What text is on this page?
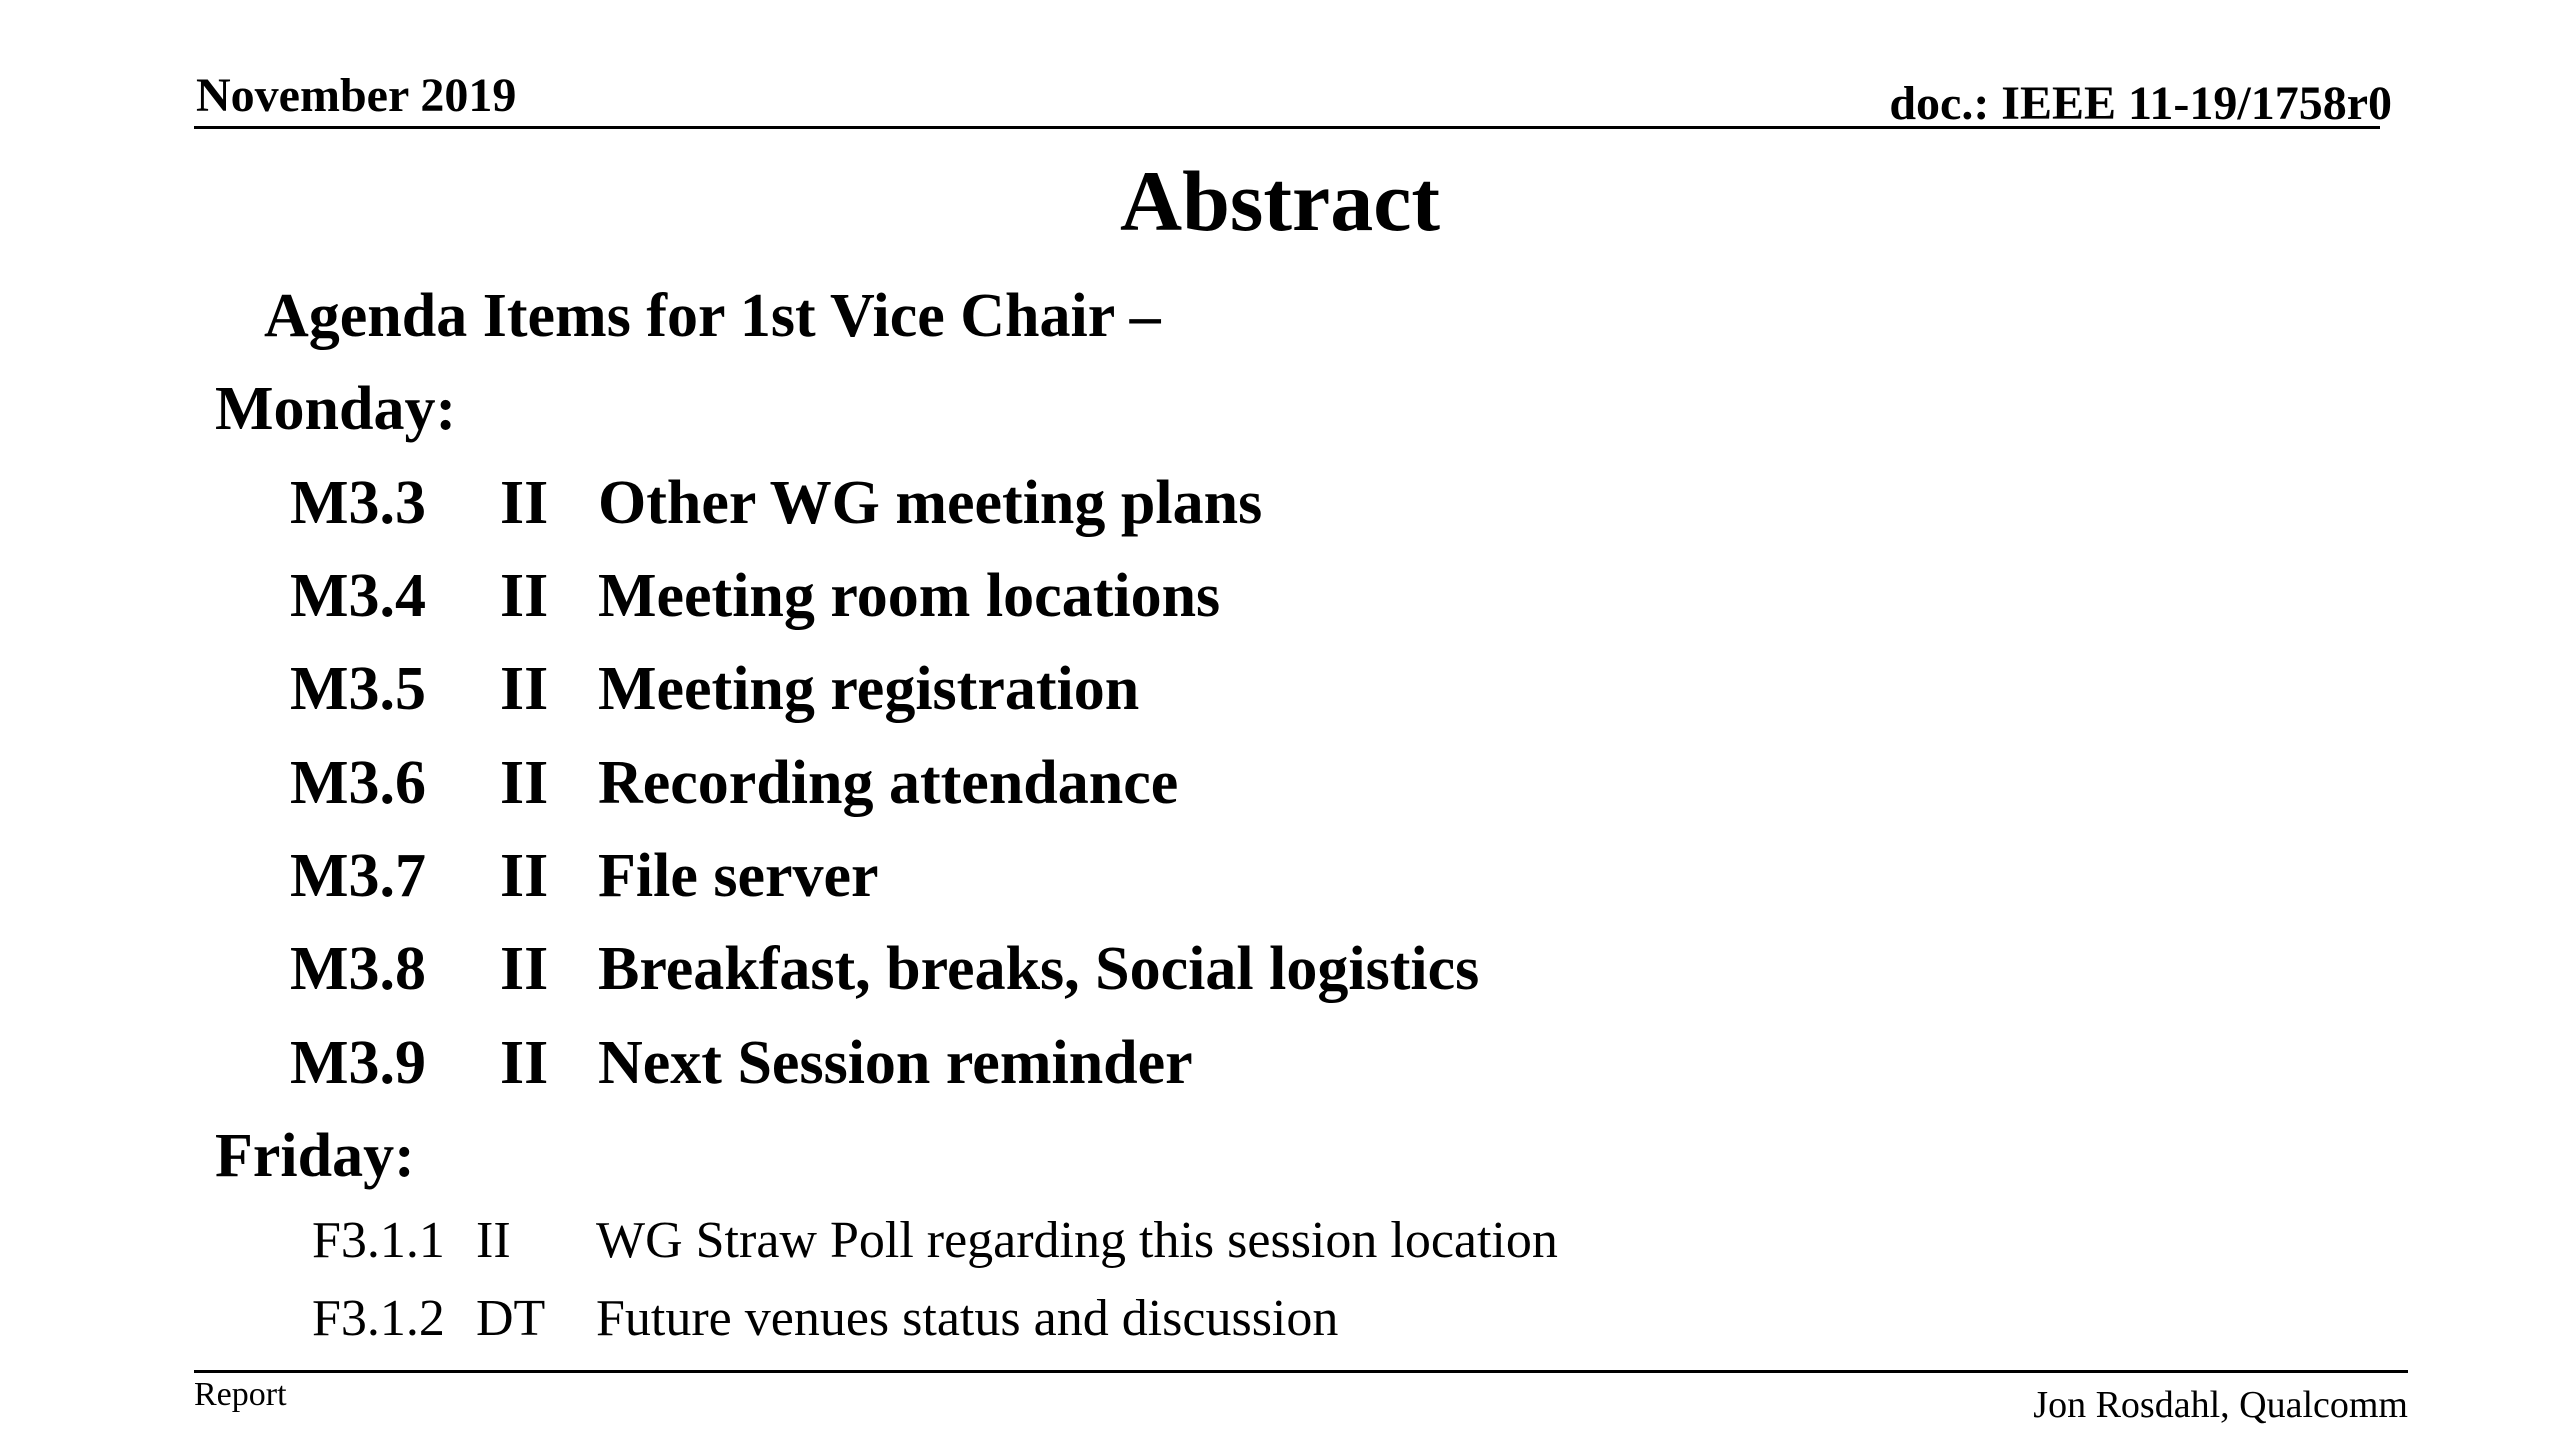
November 2019	doc.: IEEE 11-19/1758r0
Abstract
Agenda Items for 1st Vice Chair –
Monday:
M3.3 II Other WG meeting plans
M3.4 II Meeting room locations
M3.5 II Meeting registration
M3.6 II Recording attendance
M3.7 II File server
M3.8 II Breakfast, breaks, Social logistics
M3.9 II Next Session reminder
Friday:
F3.1.1 II WG Straw Poll regarding this session location
F3.1.2 DT Future venues status and discussion
Report	Jon Rosdahl, Qualcomm
